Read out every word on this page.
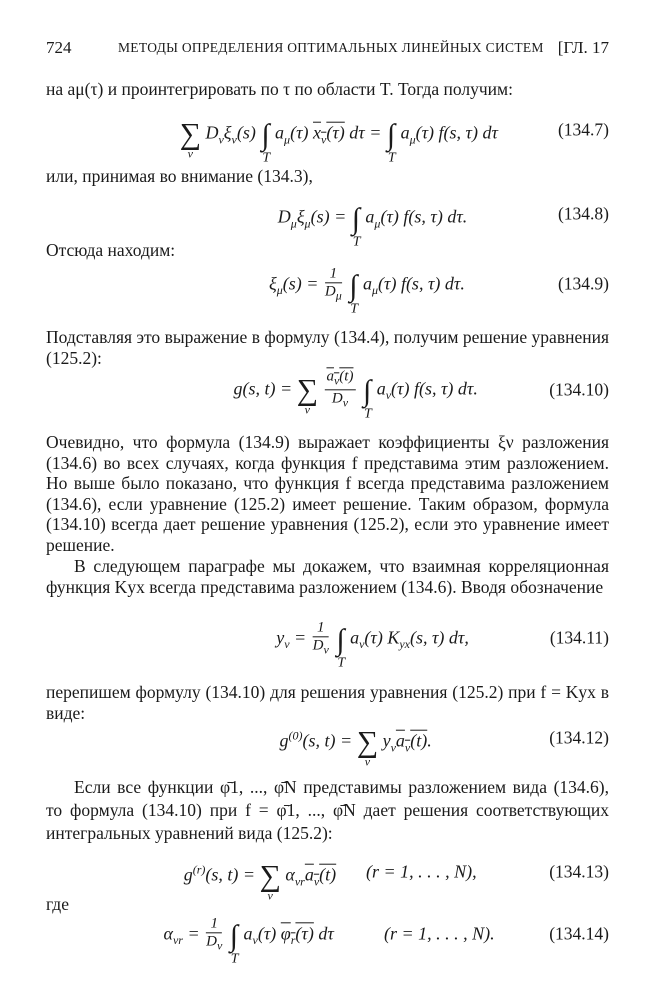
724	МЕТОДЫ ОПРЕДЕЛЕНИЯ ОПТИМАЛЬНЫХ ЛИНЕЙНЫХ СИСТЕМ [ГЛ. 17

на aμ(τ) и проинтегрировать по τ по области T. Тогда получим:

∑
ν
$D_\nu\xi_\nu(s)$ ∫
T
$a_\mu(\tau)$ $x_\nu(\tau) d\tau$ = ∫
T
$a_\mu(\tau)$ f(s, τ) dτ	(134.7)

или, принимая во внимание (134.3),

$D_\mu\xi_\mu(s)$ = ∫
T
$a_\mu(\tau)$ f(s, τ) dτ.	(134.8)

Отсюда находим:

$\xi_\mu(s) = \frac{1}{D_\mu}$ ∫
T
$a_\mu(\tau)$ f(s, τ) dτ.	(134.9)

Подставляя это выражение в формулу (134.4), получим решение уравнения (125.2):

g(s, t) = ∑
ν
$\frac{a_\nu(t)}{D_\nu}$ ∫
T
$a_\nu(\tau)$ f(s, τ) dτ.	(134.10)

Очевидно, что формула (134.9) выражает коэффициенты ξν разложения (134.6) во всех случаях, когда функция f представима этим разложением. Но выше было показано, что функция f всегда представима разложением (134.6), если уравнение (125.2) имеет решение. Таким образом, формула (134.10) всегда дает решение уравнения (125.2), если это уравнение имеет решение.

В следующем параграфе мы докажем, что взаимная корреляционная функция Kyx всегда представима разложением (134.6). Вводя обозначение

$y_\nu = \frac{1}{D_\nu}$ ∫
T
$a_\nu(\tau)$ $K_{yx}(s$, τ) dτ,	(134.11)

перепишем формулу (134.10) для решения уравнения (125.2) при f = Kyx в виде:

$g^{(0)}(s$, t) = ∑
ν
$y_\nu a_\nu(t)$.	(134.12)

Если все функции φ̄1, ..., φ̄N представимы разложением вида (134.6), то формула (134.10) при f = φ̄1, ..., φ̄N дает решения соответствующих интегральных уравнений вида (125.2):

$g^{(r)}(s$, t) = ∑
ν
$\alpha_{\nu r}a_\nu(t) (r = 1$, . . . , N),	(134.13)

где

$\alpha_{\nu r} = \frac{1}{D_\nu}$ ∫
T
$a_\nu(\tau)$ $\varphi_r(\tau)$ dτ	(r = 1, . . . , N).	(134.14)
